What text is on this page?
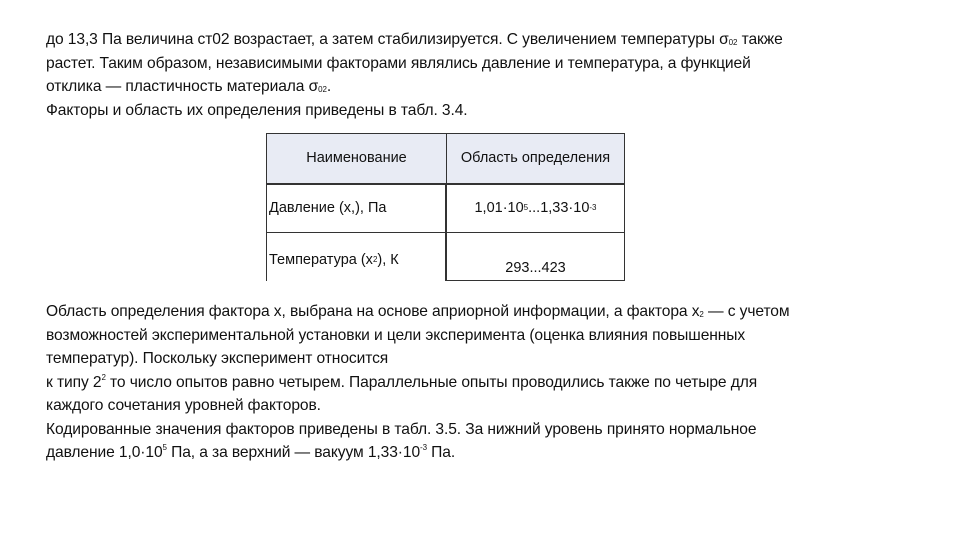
до 13,3 Па величина ст02 возрастает, а затем стабилизируется. С увеличением температуры $\sigma_{02}$ также
растет. Таким образом, независимыми факторами являлись давление и температура, а функцией
отклика — пластичность материала $\sigma_{02}$.
Факторы и область их определения приведены в табл. 3.4.
Наименование	Область определения
Давление (х,), Па	1,01·10 5 ...1,33·10 -3
Температура (х 2 ), К	293...423
Область определения фактора х, выбрана на основе априорной информации, а фактора $х_2$ — с учетом
возможностей экспериментальной установки и цели эксперимента (оценка влияния повышенных
температур). Поскольку эксперимент относится
к типу $2^2$ то число опытов равно четырем. Параллельные опыты проводились также по четыре для
каждого сочетания уровней факторов.
Кодированные значения факторов приведены в табл. 3.5. За нижний уровень принято нормальное
давление $1,0\cdot 10^5$ Па, а за верхний — вакуум $1,33\cdot 10^{-3}$ Па.
